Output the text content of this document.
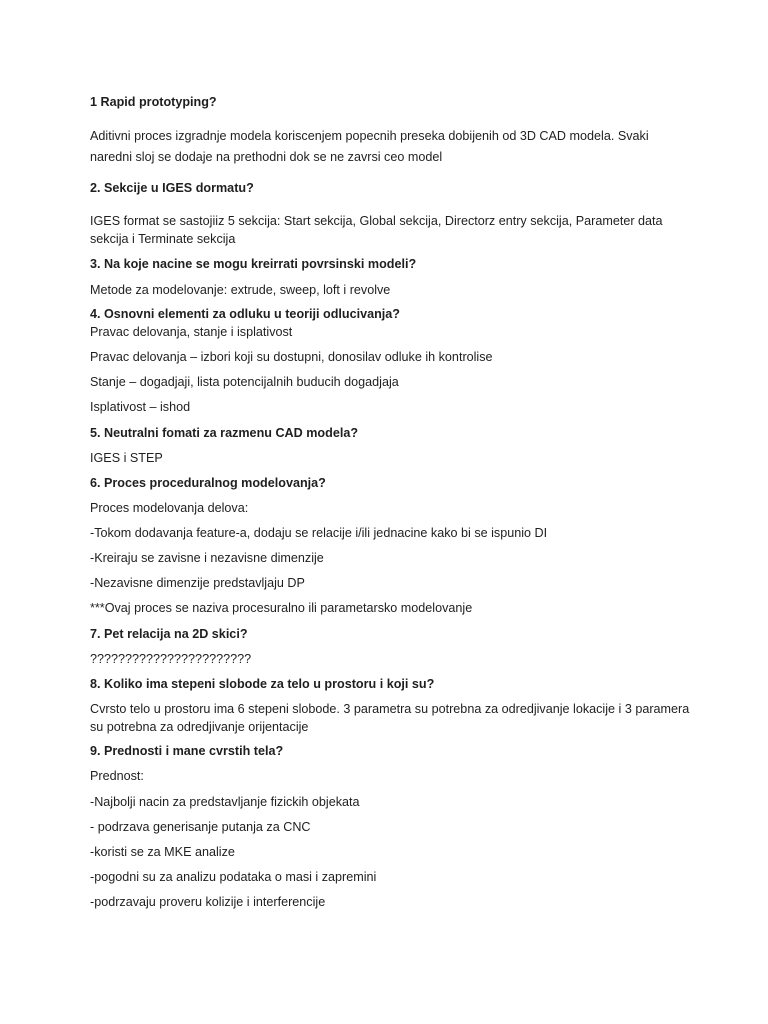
1 Rapid prototyping?
Aditivni proces izgradnje modela koriscenjem popecnih preseka dobijenih od 3D CAD modela. Svaki naredni sloj se dodaje na prethodni dok se ne zavrsi ceo model
2. Sekcije u IGES dormatu?
IGES format se sastojiiz 5 sekcija: Start sekcija, Global sekcija, Directorz entry sekcija, Parameter data sekcija i Terminate sekcija
3. Na koje nacine se mogu kreirrati povrsinski modeli?
Metode za modelovanje: extrude, sweep, loft i revolve
4. Osnovni elementi za odluku u teoriji odlucivanja?
Pravac delovanja, stanje i isplativost
Pravac delovanja – izbori koji su dostupni, donosilav odluke ih kontrolise
Stanje – dogadjaji, lista potencijalnih buducih dogadjaja
Isplativost – ishod
5. Neutralni fomati za razmenu CAD modela?
IGES i STEP
6. Proces proceduralnog modelovanja?
Proces modelovanja delova:
-Tokom dodavanja feature-a, dodaju se relacije i/ili jednacine kako bi se ispunio DI
-Kreiraju se zavisne i nezavisne dimenzije
-Nezavisne dimenzije predstavljaju DP
***Ovaj proces se naziva procesuralno ili parametarsko modelovanje
7. Pet relacija na 2D skici?
???????????????????????
8. Koliko ima stepeni slobode za telo u prostoru i koji su?
Cvrsto telo u prostoru ima 6 stepeni slobode. 3 parametra su potrebna za odredjivanje lokacije i 3 paramera su potrebna za odredjivanje orijentacije
9. Prednosti i mane cvrstih tela?
Prednost:
-Najbolji nacin za predstavljanje fizickih objekata
- podrzava generisanje putanja za CNC
-koristi se za MKE analize
-pogodni su za analizu podataka o masi i zapremini
-podrzavaju proveru kolizije i interferencije
